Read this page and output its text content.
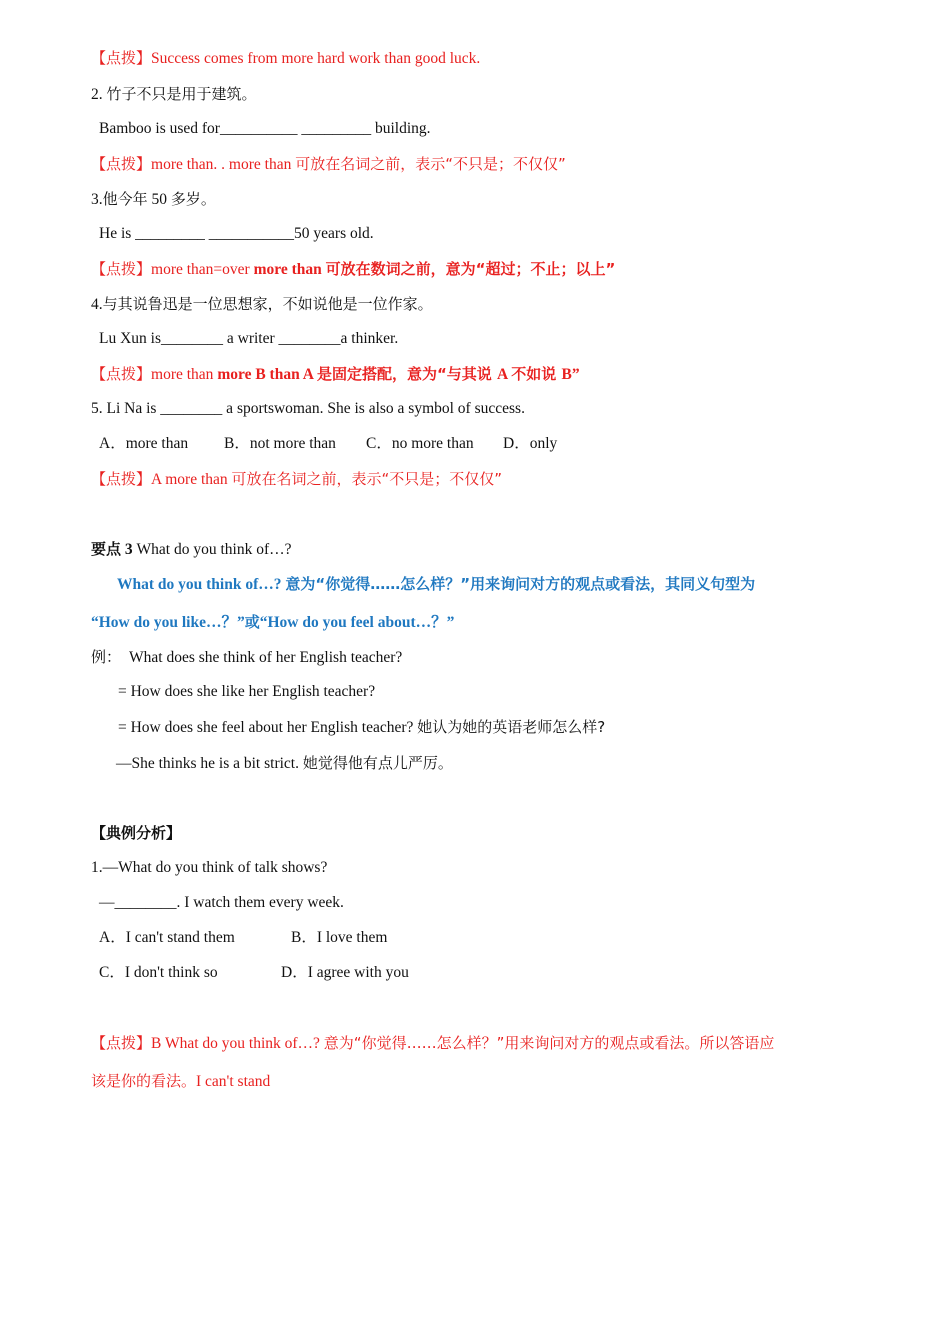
【点拨】Success comes from more hard work than good luck.
2. 竹子不只是用于建筑。
Bamboo is used for__________ _________ building.
【点拨】more than. . more than 可放在名词之前，表示“不只是；不仅仅”
3.他今年 50 多岁。
He is _________ ___________50 years old.
【点拨】more than=over more than 可放在数词之前，意为“超过；不止；以上”
4.与其说鲁迅是一位思想家，不如说他是一位作家。
Lu Xun is________ a writer ________a thinker.
【点拨】more than more B than A 是固定搭配，意为“与其说 A 不如说 B”
5. Li Na is ________ a sportswoman. She is also a symbol of success.
A．more than B．not more than C．no more than D．only
【点拨】A more than 可放在名词之前，表示“不只是；不仅仅”
要点 3 What do you think of…?
What do you think of…? 意为“你觉得……怎么样？”用来询问对方的观点或看法，其同义句型为
“How do you like…？”或“How do you feel about…？”
例： What does she think of her English teacher?
= How does she like her English teacher?
= How does she feel about her English teacher? 她认为她的英语老师怎么样?
—She thinks he is a bit strict. 她觉得他有点儿严厉。
【典例分析】
1.—What do you think of talk shows?
—________. I watch them every week.
A．I can't stand them	B．I love them
C．I don't think so	D．I agree with you
【点拨】B What do you think of…? 意为“你觉得……怎么样？”用来询问对方的观点或看法。所以答语应
该是你的看法。I can't stand
